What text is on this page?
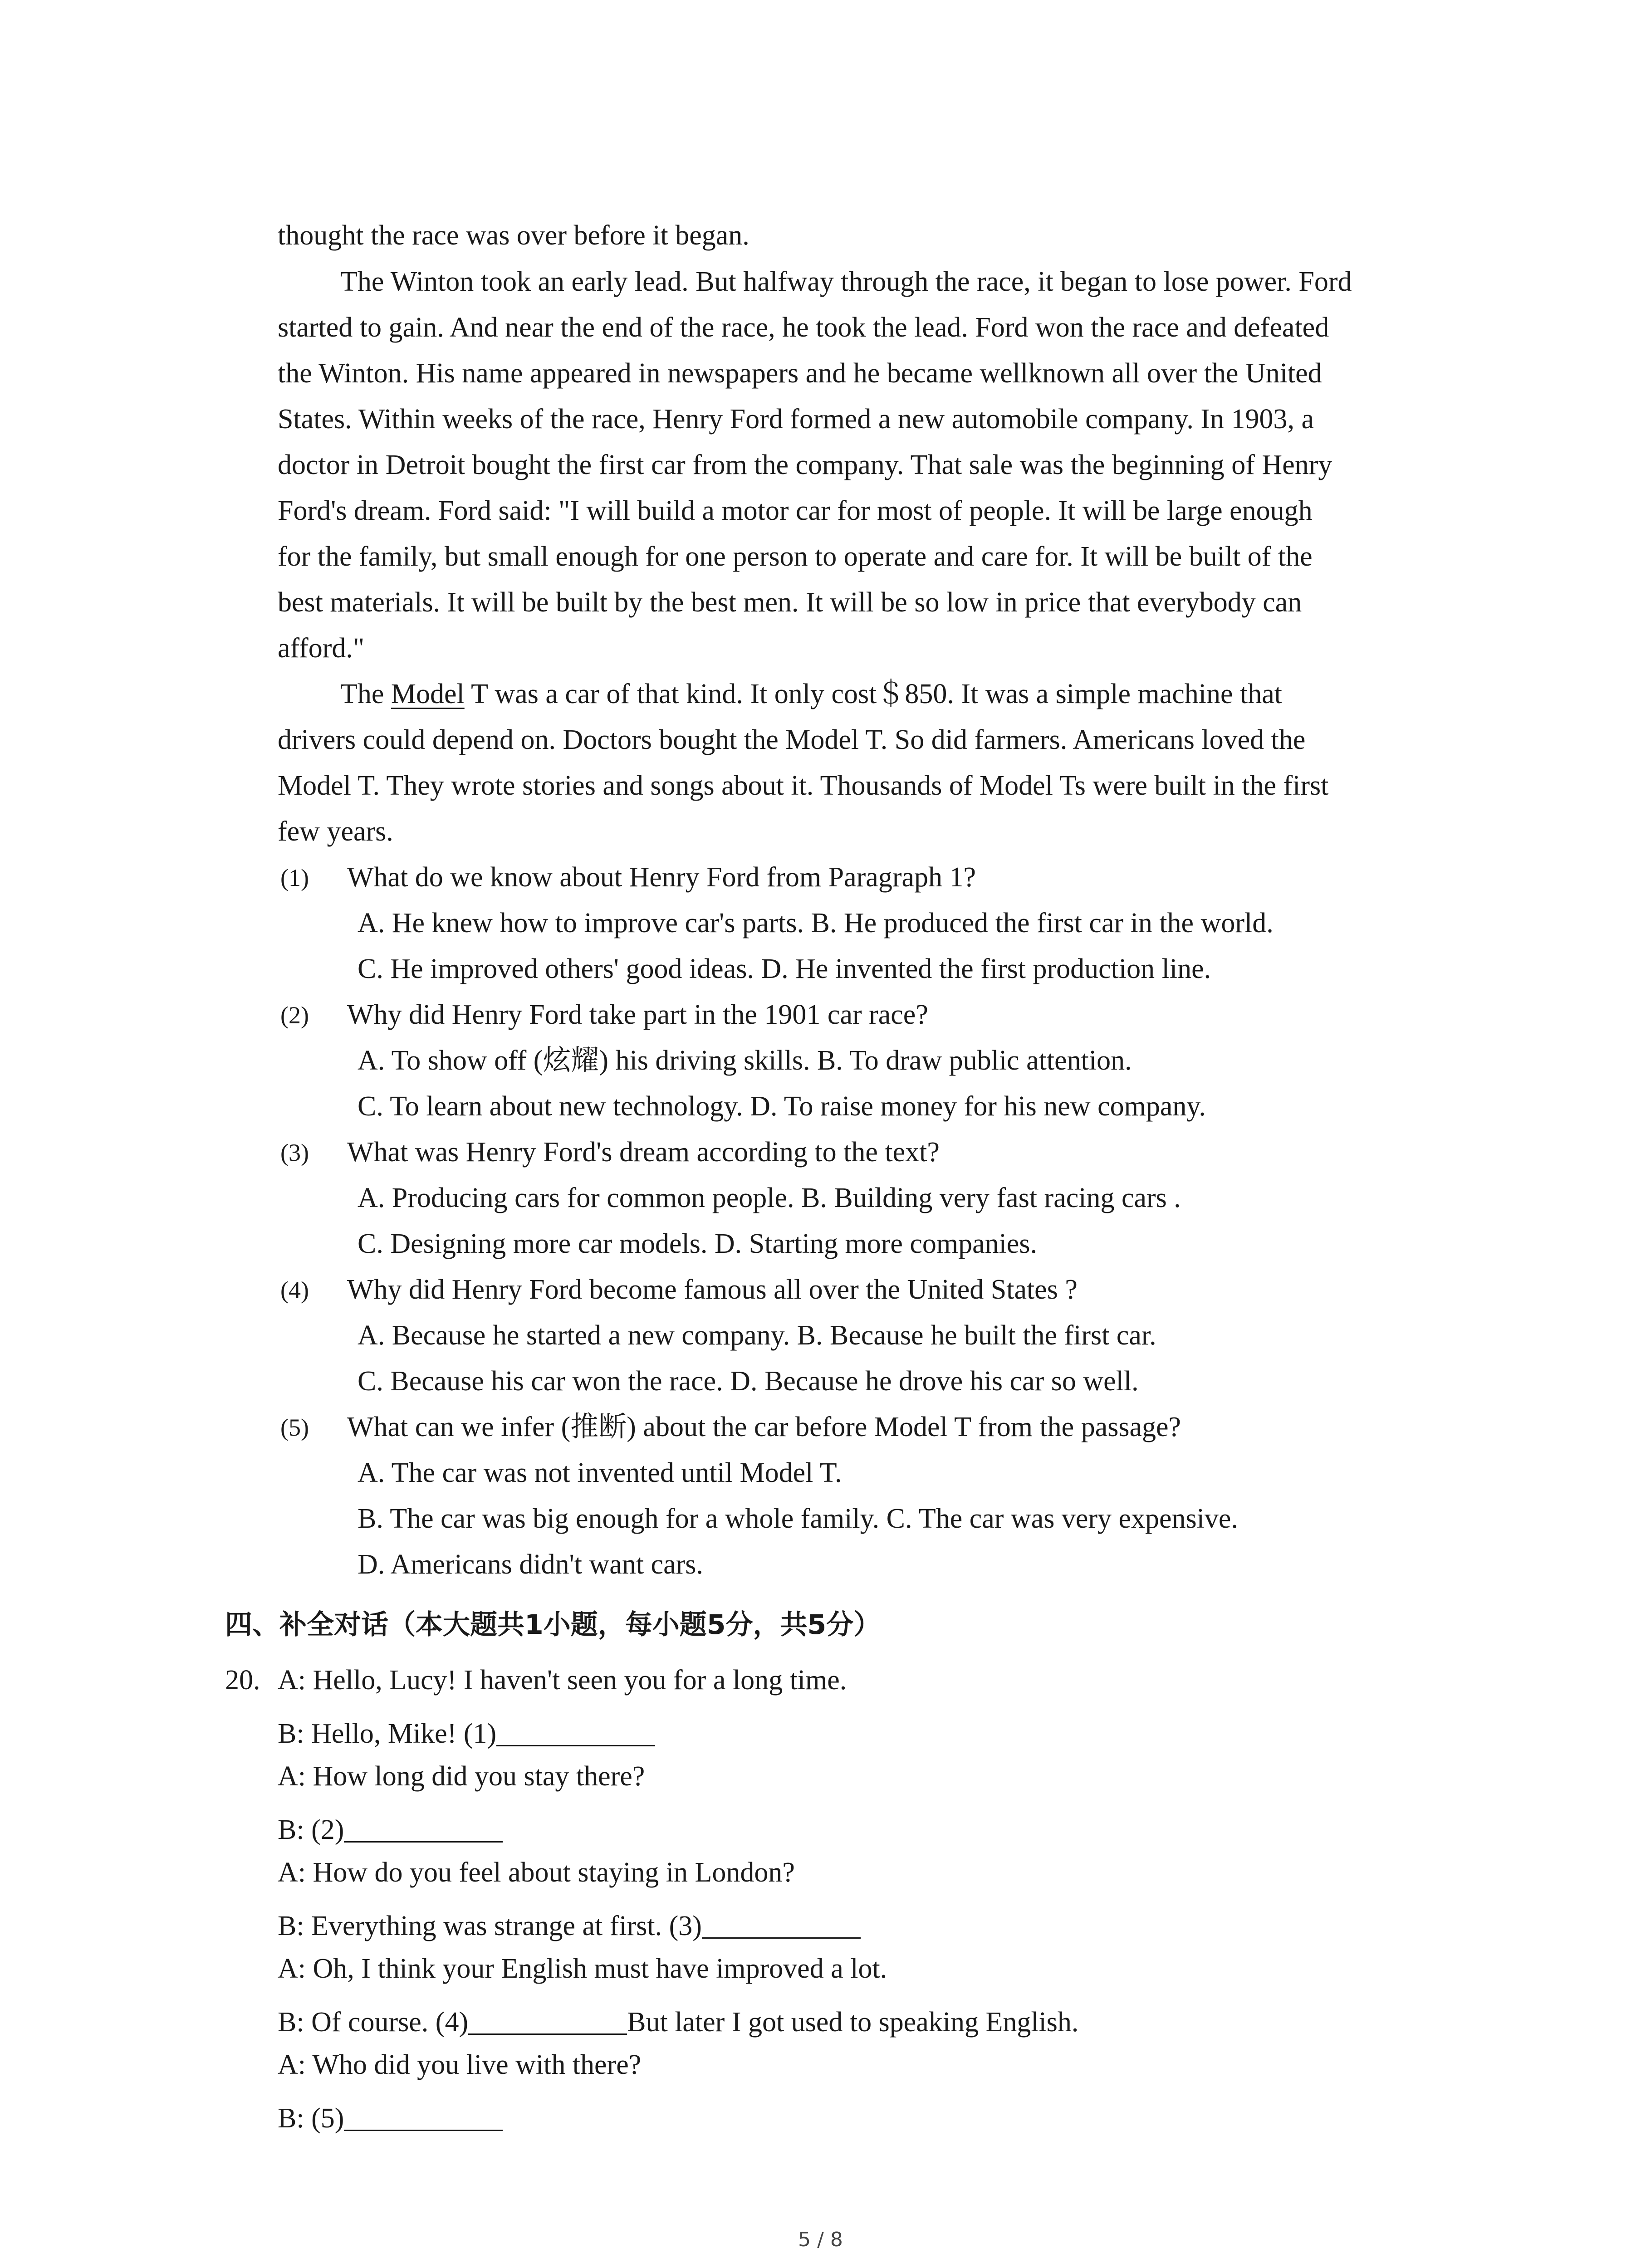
thought the race was over before it began.
The Winton took an early lead. But halfway through the race, it began to lose power. Ford
started to gain. And near the end of the race, he took the lead. Ford won the race and defeated
the Winton. His name appeared in newspapers and he became wellknown all over the United
States. Within weeks of the race, Henry Ford formed a new automobile company. In 1903, a
doctor in Detroit bought the first car from the company. That sale was the beginning of Henry
Ford's dream. Ford said: "I will build a motor car for most of people. It will be large enough
for the family, but small enough for one person to operate and care for. It will be built of the
best materials. It will be built by the best men. It will be so low in price that everybody can
afford."
The Model T was a car of that kind. It only cost＄850. It was a simple machine that
drivers could depend on. Doctors bought the Model T. So did farmers. Americans loved the
Model T. They wrote stories and songs about it. Thousands of Model Ts were built in the first
few years.
(1) What do we know about Henry Ford from Paragraph 1?
A. He knew how to improve car's parts. B. He produced the first car in the world.
C. He improved others' good ideas. D. He invented the first production line.
(2) Why did Henry Ford take part in the 1901 car race?
A. To show off (炫耀) his driving skills. B. To draw public attention.
C. To learn about new technology. D. To raise money for his new company.
(3) What was Henry Ford's dream according to the text?
A. Producing cars for common people. B. Building very fast racing cars .
C. Designing more car models. D. Starting more companies.
(4) Why did Henry Ford become famous all over the United States ?
A. Because he started a new company. B. Because he built the first car.
C. Because his car won the race. D. Because he drove his car so well.
(5) What can we infer (推断) about the car before Model T from the passage?
A. The car was not invented until Model T.
B. The car was big enough for a whole family. C. The car was very expensive.
D. Americans didn't want cars.
四、补全对话（本大题共1小题，每小题5分，共5分）
20. A: Hello, Lucy! I haven't seen you for a long time.
B: Hello, Mike! (1)
A: How long did you stay there?
B: (2)
A: How do you feel about staying in London?
B: Everything was strange at first. (3)
A: Oh, I think your English must have improved a lot.
B: Of course. (4)	But later I got used to speaking English.
A: Who did you live with there?
B: (5)
5 / 8
